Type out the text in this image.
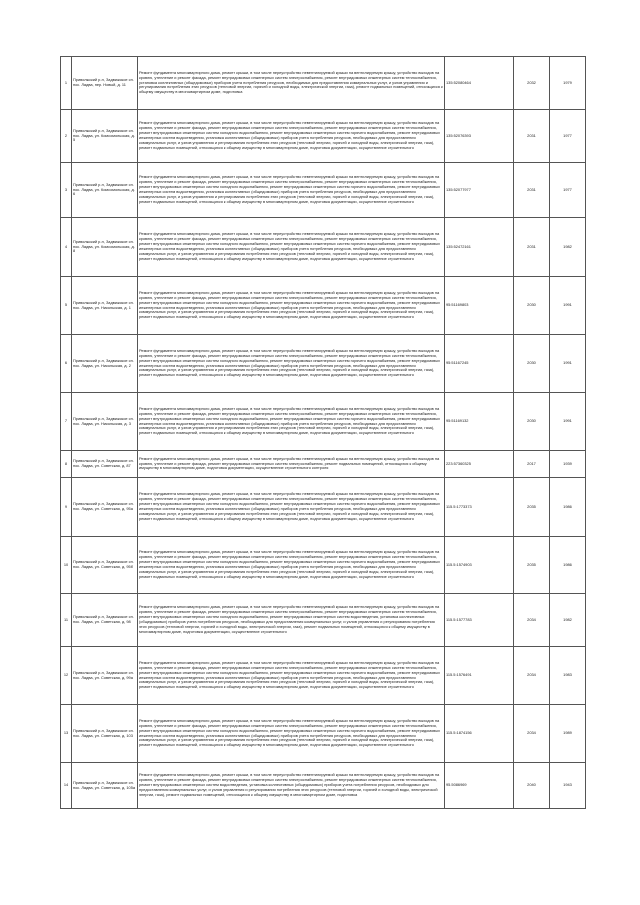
1	Приволжский р-н, Задвижское сп. пос. Ладва, пер. Новый, д. 11	Ремонт фундамента многоквартирного дома, ремонт крыши, в том числе переустройство невентилируемой крыши на вентилируемую крышу, устройство выходов на кровлю, утепление и ремонт фасада, ремонт внутридомовых инженерных систем электроснабжения, ремонт внутридомовых инженерных систем теплоснабжения, установка коллективных (общедомовых) приборов учета потребления ресурсов, необходимых для предоставления коммунальных услуг, и узлов управления и регулирования потребления этих ресурсов (тепловой энергии, горячей и холодной воды, электрической энергии, газа), ремонт подвальных помещений, относящихся к общему имуществу в многоквартирном доме, подготовка	135:52080464	2032	1979
2	Приволжский р-н, Задвижское сп. пос. Ладва, ул. Комсомольская, д. 5	Ремонт фундамента многоквартирного дома, ремонт крыши, в том числе переустройство невентилируемой крыши на вентилируемую крышу, устройство выходов на кровлю, утепление и ремонт фасада, ремонт внутридомовых инженерных систем электроснабжения, ремонт внутридомовых инженерных систем теплоснабжения, ремонт внутридомовых инженерных систем холодного водоснабжения, ремонт внутридомовых инженерных систем горячего водоснабжения, ремонт внутридомовых инженерных систем водоотведения, установка коллективных (общедомовых) приборов учета потребления ресурсов, необходимых для предоставления коммунальных услуг, и узлов управления и регулирования потребления этих ресурсов (тепловой энергии, горячей и холодной воды, электрической энергии, газа), ремонт подвальных помещений, относящихся к общему имуществу в многоквартирном доме, подготовка документации, осуществление строительного	135:52076393	2031	1977
3	Приволжский р-н, Задвижское сп. пос. Ладва, ул. Комсомольская, д. 6	Ремонт фундамента многоквартирного дома, ремонт крыши, в том числе переустройство невентилируемой крыши на вентилируемую крышу, устройство выходов на кровлю, утепление и ремонт фасада, ремонт внутридомовых инженерных систем электроснабжения, ремонт внутридомовых инженерных систем теплоснабжения, ремонт внутридомовых инженерных систем холодного водоснабжения, ремонт внутридомовых инженерных систем горячего водоснабжения, ремонт внутридомовых инженерных систем водоотведения, установка коллективных (общедомовых) приборов учета потребления ресурсов, необходимых для предоставления коммунальных услуг, и узлов управления и регулирования потребления этих ресурсов (тепловой энергии, горячей и холодной воды, электрической энергии, газа), ремонт подвальных помещений, относящихся к общему имуществу в многоквартирном доме, подготовка документации, осуществление строительного	135:52077977	2031	1977
4	Приволжский р-н, Задвижское сп. пос. Ладва, ул. Комсомольская, д. 8	Ремонт фундамента многоквартирного дома, ремонт крыши, в том числе переустройство невентилируемой крыши на вентилируемую крышу, устройство выходов на кровлю, утепление и ремонт фасада, ремонт внутридомовых инженерных систем электроснабжения, ремонт внутридомовых инженерных систем теплоснабжения, ремонт внутридомовых инженерных систем холодного водоснабжения, ремонт внутридомовых инженерных систем горячего водоснабжения, ремонт внутридомовых инженерных систем водоотведения, установка коллективных (общедомовых) приборов учета потребления ресурсов, необходимых для предоставления коммунальных услуг, и узлов управления и регулирования потребления этих ресурсов (тепловой энергии, горячей и холодной воды, электрической энергии, газа), ремонт подвальных помещений, относящихся к общему имуществу в многоквартирном доме, подготовка документации, осуществление строительного	135:52472161	2031	1982
5	Приволжский р-н, Задвижское сп. пос. Ладва, ул. Никольская, д. 1	Ремонт фундамента многоквартирного дома, ремонт крыши, в том числе переустройство невентилируемой крыши на вентилируемую крышу, устройство выходов на кровлю, утепление и ремонт фасада, ремонт внутридомовых инженерных систем электроснабжения, ремонт внутридомовых инженерных систем теплоснабжения, ремонт внутридомовых инженерных систем холодного водоснабжения, ремонт внутридомовых инженерных систем горячего водоснабжения, ремонт внутридомовых инженерных систем водоотведения, установка коллективных (общедомовых) приборов учета потребления ресурсов, необходимых для предоставления коммунальных услуг, и узлов управления и регулирования потребления этих ресурсов (тепловой энергии, горячей и холодной воды, электрической энергии, газа), ремонт подвальных помещений, относящихся к общему имуществу в многоквартирном доме, подготовка документации, осуществление строительного	95:51169803	2030	1991
6	Приволжский р-н, Задвижское сп. пос. Ладва, ул. Никольская, д. 2	Ремонт фундамента многоквартирного дома, ремонт крыши, в том числе переустройство невентилируемой крыши на вентилируемую крышу, устройство выходов на кровлю, утепление и ремонт фасада, ремонт внутридомовых инженерных систем электроснабжения, ремонт внутридомовых инженерных систем теплоснабжения, ремонт внутридомовых инженерных систем холодного водоснабжения, ремонт внутридомовых инженерных систем горячего водоснабжения, ремонт внутридомовых инженерных систем водоотведения, установка коллективных (общедомовых) приборов учета потребления ресурсов, необходимых для предоставления коммунальных услуг, и узлов управления и регулирования потребления этих ресурсов (тепловой энергии, горячей и холодной воды, электрической энергии, газа), ремонт подвальных помещений, относящихся к общему имуществу в многоквартирном доме, подготовка документации, осуществление строительного	95:51167245	2030	1991
7	Приволжский р-н, Задвижское сп. пос. Ладва, ул. Никольская, д. 3	Ремонт фундамента многоквартирного дома, ремонт крыши, в том числе переустройство невентилируемой крыши на вентилируемую крышу, устройство выходов на кровлю, утепление и ремонт фасада, ремонт внутридомовых инженерных систем электроснабжения, ремонт внутридомовых инженерных систем теплоснабжения, ремонт внутридомовых инженерных систем холодного водоснабжения, ремонт внутридомовых инженерных систем горячего водоснабжения, ремонт внутридомовых инженерных систем водоотведения, установка коллективных (общедомовых) приборов учета потребления ресурсов, необходимых для предоставления коммунальных услуг, и узлов управления и регулирования потребления этих ресурсов (тепловой энергии, горячей и холодной воды, электрической энергии, газа), ремонт подвальных помещений, относящихся к общему имуществу в многоквартирном доме, подготовка документации, осуществление строительного	95:51169132	2030	1991
8	Приволжский р-н, Задвижское сп. пос. Ладва, ул. Советская, д. 87	Ремонт фундамента многоквартирного дома, ремонт крыши, в том числе переустройство невентилируемой крыши на вентилируемую крышу, устройство выходов на кровлю, утепление и ремонт фасада, ремонт внутридомовых инженерных систем электроснабжения, ремонт подвальных помещений, относящихся к общему имуществу в многоквартирном доме, подготовка документации, осуществление строительного контроля	223:57360325	2017	1939
9	Приволжский р-н, Задвижское сп. пос. Ладва, ул. Советская, д. 95а	Ремонт фундамента многоквартирного дома, ремонт крыши, в том числе переустройство невентилируемой крыши на вентилируемую крышу, устройство выходов на кровлю, утепление и ремонт фасада, ремонт внутридомовых инженерных систем электроснабжения, ремонт внутридомовых инженерных систем теплоснабжения, ремонт внутридомовых инженерных систем холодного водоснабжения, ремонт внутридомовых инженерных систем горячего водоснабжения, ремонт внутридомовых инженерных систем водоотведения, установка коллективных (общедомовых) приборов учета потребления ресурсов, необходимых для предоставления коммунальных услуг, и узлов управления и регулирования потребления этих ресурсов (тепловой энергии, горячей и холодной воды, электрической энергии, газа), ремонт подвальных помещений, относящихся к общему имуществу в многоквартирном доме, подготовка документации, осуществление строительного	115.5:1773373	2035	1986
10	Приволжский р-н, Задвижское сп. пос. Ладва, ул. Советская, д. 95б	Ремонт фундамента многоквартирного дома, ремонт крыши, в том числе переустройство невентилируемой крыши на вентилируемую крышу, устройство выходов на кровлю, утепление и ремонт фасада, ремонт внутридомовых инженерных систем электроснабжения, ремонт внутридомовых инженерных систем теплоснабжения, ремонт внутридомовых инженерных систем холодного водоснабжения, ремонт внутридомовых инженерных систем горячего водоснабжения, ремонт внутридомовых инженерных систем водоотведения, установка коллективных (общедомовых) приборов учета потребления ресурсов, необходимых для предоставления коммунальных услуг, и узлов управления и регулирования потребления этих ресурсов (тепловой энергии, горячей и холодной воды, электрической энергии, газа), ремонт подвальных помещений, относящихся к общему имуществу в многоквартирном доме, подготовка документации, осуществление строительного	115.5:1574903	2035	1986
11	Приволжский р-н, Задвижское сп. пос. Ладва, ул. Советская, д. 98	Ремонт фундамента многоквартирного дома, ремонт крыши, в том числе переустройство невентилируемой крыши на вентилируемую крышу, устройство выходов на кровлю, утепление и ремонт фасада, ремонт внутридомовых инженерных систем электроснабжения, ремонт внутридомовых инженерных систем теплоснабжения, ремонт внутридомовых инженерных систем холодного водоснабжения, ремонт внутридомовых инженерных систем водоотведения, установка коллективных (общедомовых) приборов учета потребления ресурсов, необходимых для предоставления коммунальных услуг, и узлов управления и регулирования потребления этих ресурсов (тепловой энергии, горячей и холодной воды, электрической энергии, газа), ремонт подвальных помещений, относящихся к общему имуществу в многоквартирном доме, подготовка документации, осуществление строительного	115.5:1577783	2034	1982
12	Приволжский р-н, Задвижское сп. пос. Ладва, ул. Советская, д. 99а	Ремонт фундамента многоквартирного дома, ремонт крыши, в том числе переустройство невентилируемой крыши на вентилируемую крышу, устройство выходов на кровлю, утепление и ремонт фасада, ремонт внутридомовых инженерных систем электроснабжения, ремонт внутридомовых инженерных систем теплоснабжения, ремонт внутридомовых инженерных систем холодного водоснабжения, ремонт внутридомовых инженерных систем горячего водоснабжения, ремонт внутридомовых инженерных систем водоотведения, установка коллективных (общедомовых) приборов учета потребления ресурсов, необходимых для предоставления коммунальных услуг, и узлов управления и регулирования потребления этих ресурсов (тепловой энергии, горячей и холодной воды, электрической энергии, газа), ремонт подвальных помещений, относящихся к общему имуществу в многоквартирном доме, подготовка документации, осуществление строительного	115.5:1576491	2034	1983
13	Приволжский р-н, Задвижское сп. пос. Ладва, ул. Советская, д. 103	Ремонт фундамента многоквартирного дома, ремонт крыши, в том числе переустройство невентилируемой крыши на вентилируемую крышу, устройство выходов на кровлю, утепление и ремонт фасада, ремонт внутридомовых инженерных систем электроснабжения, ремонт внутридомовых инженерных систем теплоснабжения, ремонт внутридомовых инженерных систем холодного водоснабжения, ремонт внутридомовых инженерных систем горячего водоснабжения, ремонт внутридомовых инженерных систем водоотведения, установка коллективных (общедомовых) приборов учета потребления ресурсов, необходимых для предоставления коммунальных услуг, и узлов управления и регулирования потребления этих ресурсов (тепловой энергии, горячей и холодной воды, электрической энергии, газа), ремонт подвальных помещений, относящихся к общему имуществу в многоквартирном доме, подготовка документации, осуществление строительного	115.5:1874156	2034	1989
14	Приволжский р-н, Задвижское сп. пос. Ладва, ул. Советская, д. 105а	Ремонт фундамента многоквартирного дома, ремонт крыши, в том числе переустройство невентилируемой крыши на вентилируемую крышу, устройство выходов на кровлю, утепление и ремонт фасада, ремонт внутридомовых инженерных систем электроснабжения, ремонт внутридомовых инженерных систем теплоснабжения, ремонт внутридомовых инженерных систем водоотведения, установка коллективных (общедомовых) приборов учета потребления ресурсов, необходимых для предоставления коммунальных услуг, и узлов управления и регулирования потребления этих ресурсов (тепловой энергии, горячей и холодной воды, электрической энергии, газа), ремонт подвальных помещений, относящихся к общему имуществу в многоквартирном доме, подготовка	95.5086969	2040	1943
